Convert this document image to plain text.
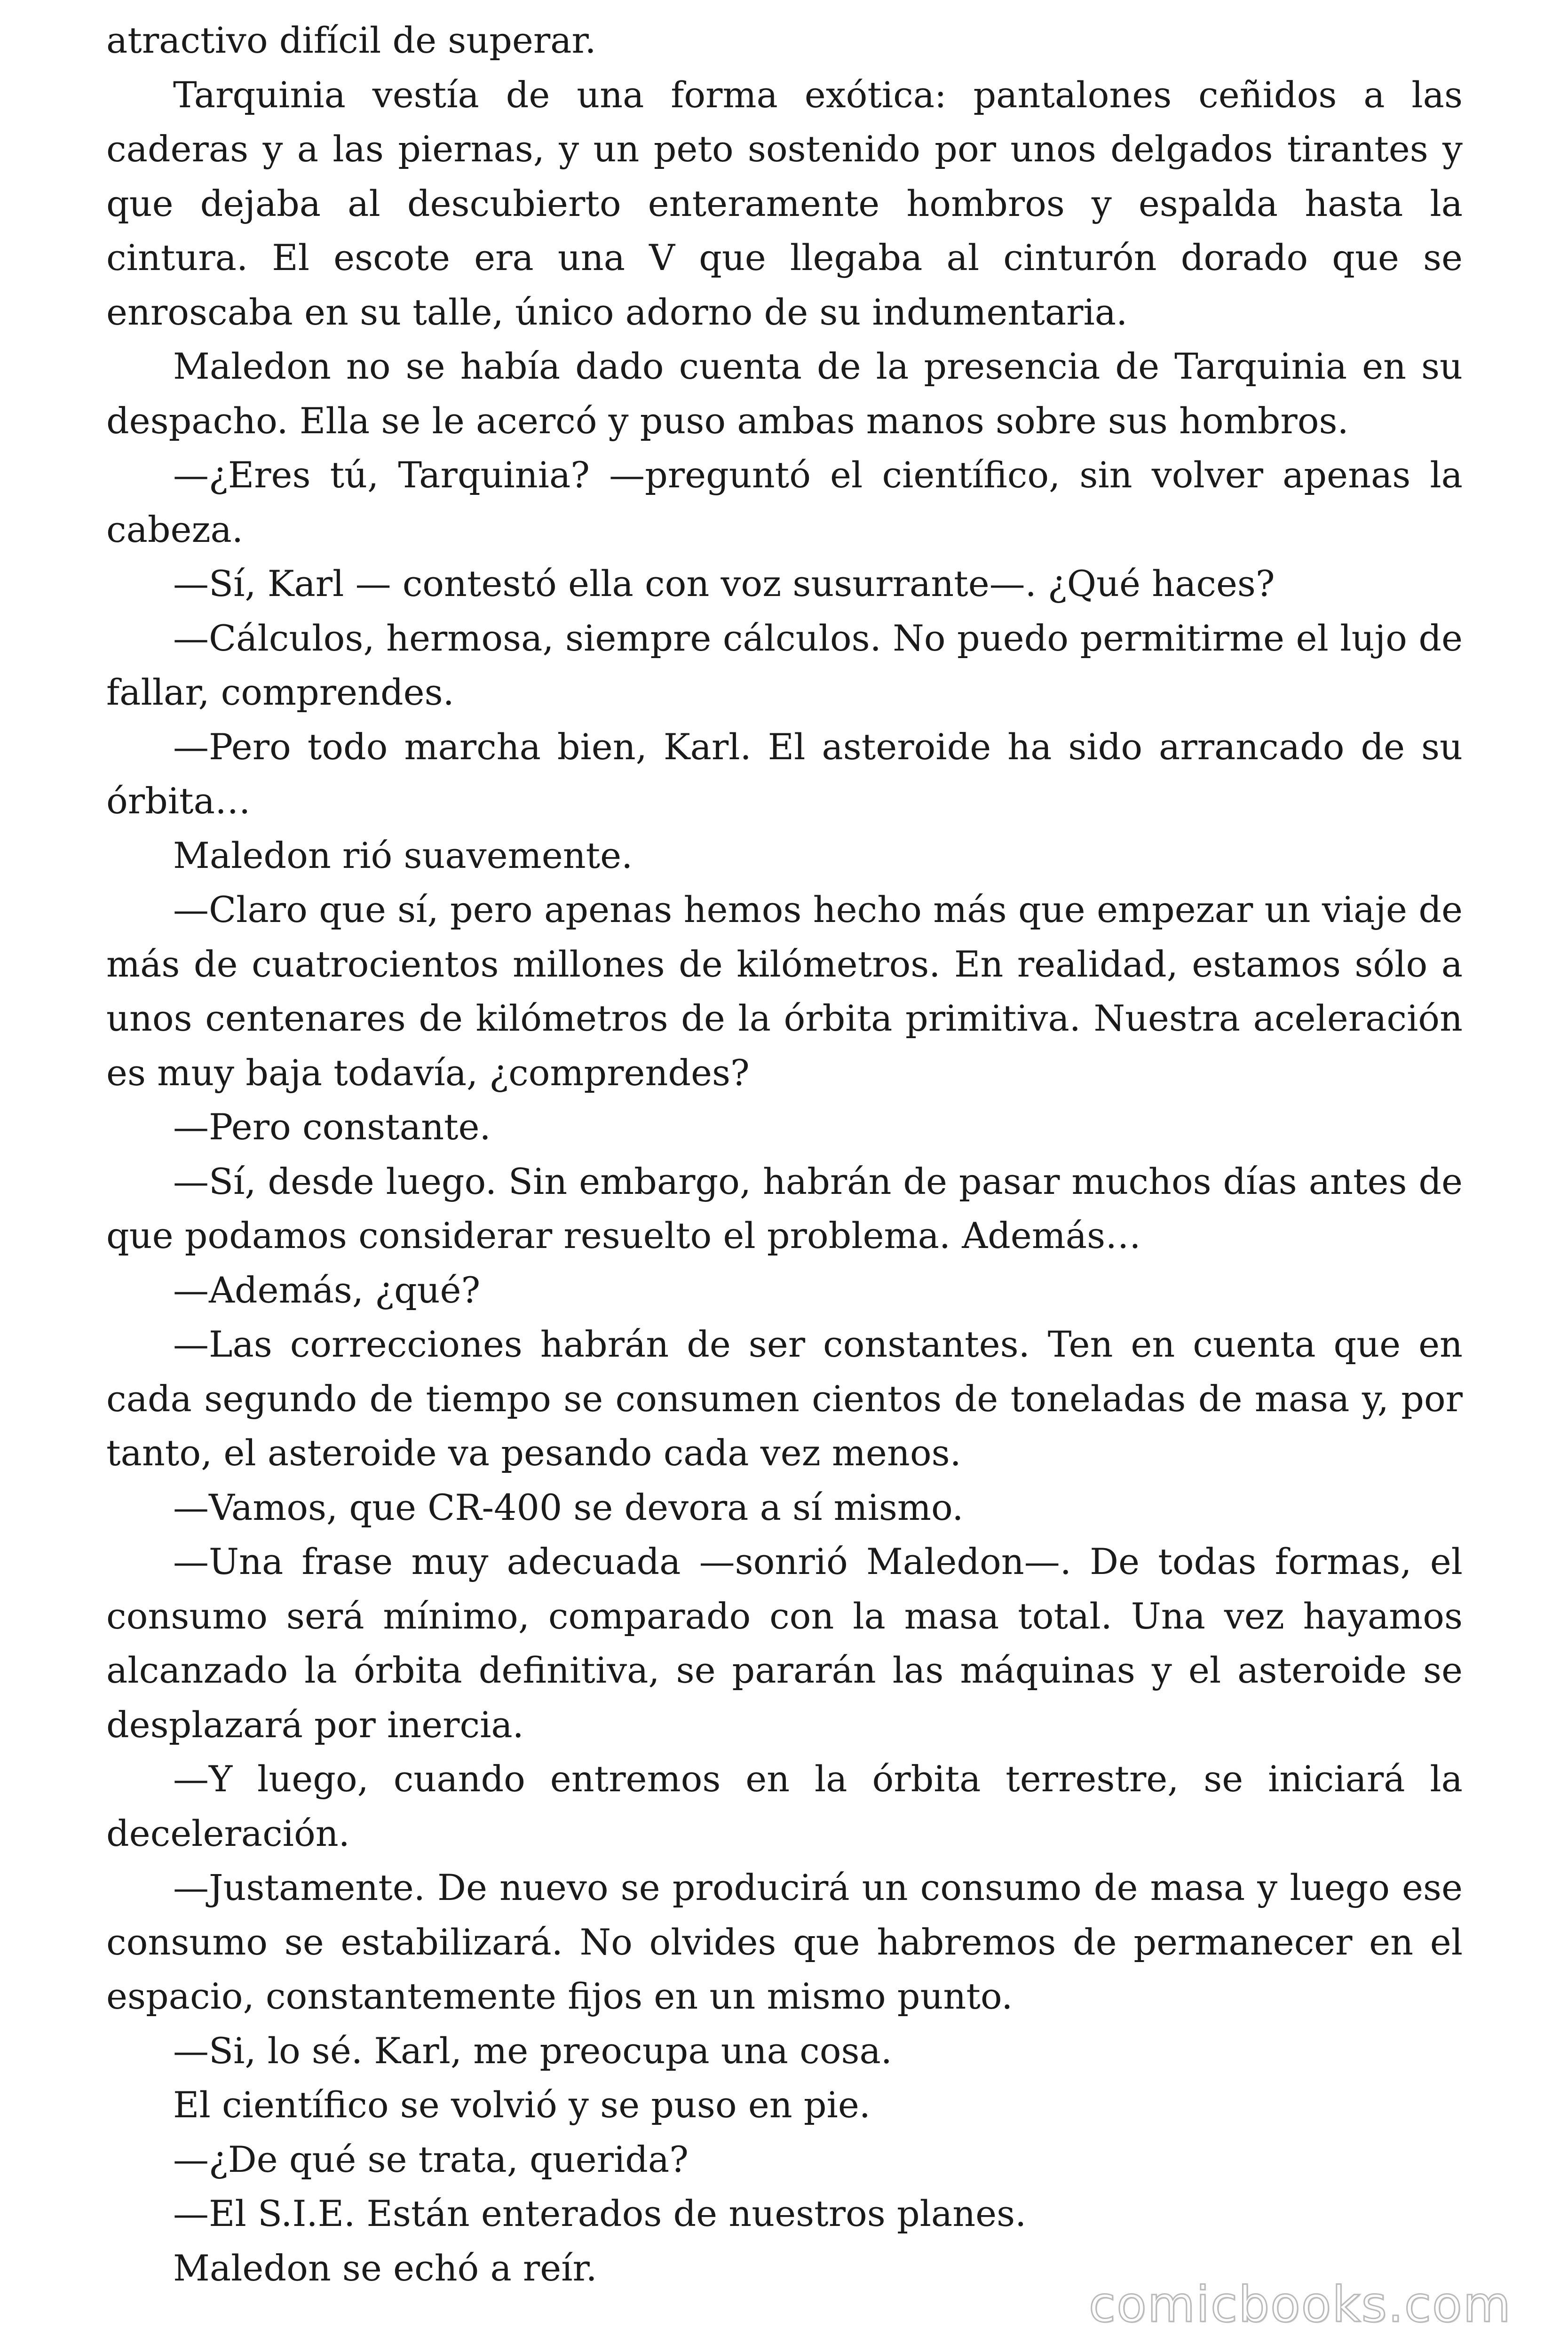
atractivo difícil de superar.

Tarquinia vestía de una forma exótica: pantalones ceñidos a las caderas y a las piernas, y un peto sostenido por unos delgados tirantes y que dejaba al descubierto enteramente hombros y espalda hasta la cintura. El escote era una V que llegaba al cinturón dorado que se enroscaba en su talle, único adorno de su indumentaria.

Maledon no se había dado cuenta de la presencia de Tarquinia en su despacho. Ella se le acercó y puso ambas manos sobre sus hombros.

—¿Eres tú, Tarquinia? —preguntó el científico, sin volver apenas la cabeza.

—Sí, Karl — contestó ella con voz susurrante—. ¿Qué haces?

—Cálculos, hermosa, siempre cálculos. No puedo permitirme el lujo de fallar, comprendes.

—Pero todo marcha bien, Karl. El asteroide ha sido arrancado de su órbita…

Maledon rió suavemente.

—Claro que sí, pero apenas hemos hecho más que empezar un viaje de más de cuatrocientos millones de kilómetros. En realidad, estamos sólo a unos centenares de kilómetros de la órbita primitiva. Nuestra aceleración es muy baja todavía, ¿comprendes?

—Pero constante.

—Sí, desde luego. Sin embargo, habrán de pasar muchos días antes de que podamos considerar resuelto el problema. Además…

—Además, ¿qué?

—Las correcciones habrán de ser constantes. Ten en cuenta que en cada segundo de tiempo se consumen cientos de toneladas de masa y, por tanto, el asteroide va pesando cada vez menos.

—Vamos, que CR-400 se devora a sí mismo.

—Una frase muy adecuada —sonrió Maledon—. De todas formas, el consumo será mínimo, comparado con la masa total. Una vez hayamos alcanzado la órbita definitiva, se pararán las máquinas y el asteroide se desplazará por inercia.

—Y luego, cuando entremos en la órbita terrestre, se iniciará la deceleración.

—Justamente. De nuevo se producirá un consumo de masa y luego ese consumo se estabilizará. No olvides que habremos de permanecer en el espacio, constantemente fijos en un mismo punto.

—Si, lo sé. Karl, me preocupa una cosa.

El científico se volvió y se puso en pie.

—¿De qué se trata, querida?

—El S.I.E. Están enterados de nuestros planes.

Maledon se echó a reír.

comicbooks.com
